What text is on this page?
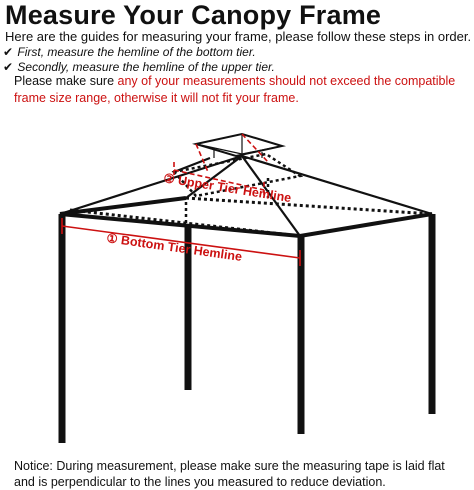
Measure Your Canopy Frame
Here are the guides for measuring your frame, please follow these steps in order.
✔ First, measure the hemline of the bottom tier.
✔ Secondly, measure the hemline of the upper tier.
Please make sure any of your measurements should not exceed the compatible frame size range, otherwise it will not fit your frame.
② Upper Tier Hemline
① Bottom Tier Hemline
Notice: During measurement, please make sure the measuring tape is laid flat and is perpendicular to the lines you measured to reduce deviation.
